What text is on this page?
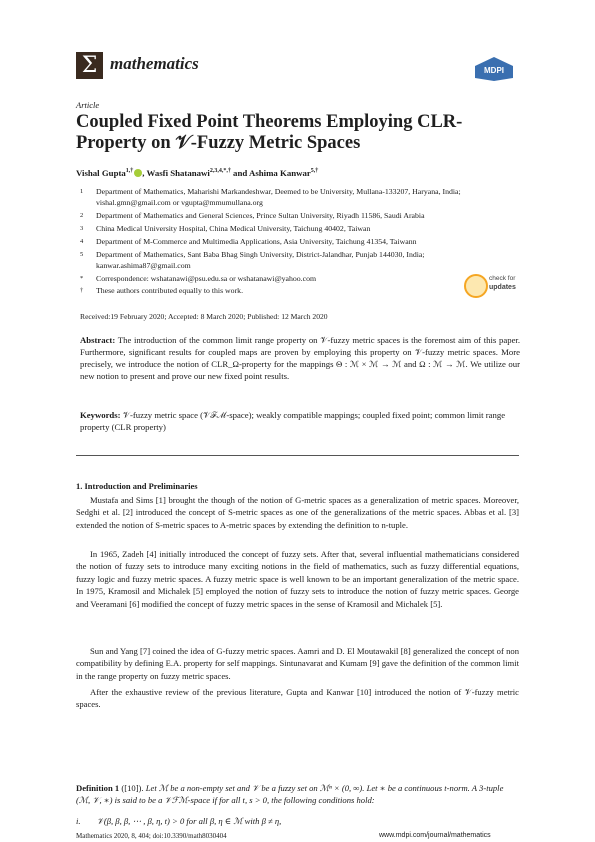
Σ mathematics	MDPI
Article
Coupled Fixed Point Theorems Employing CLR-Property on 𝒱-Fuzzy Metric Spaces
Vishal Gupta$^{1,\dagger}$ , Wasfi Shatanawi$^{2,3,4,*,\dagger}$ and Ashima Kanwar$^{5,\dagger}$
1 Department of Mathematics, Maharishi Markandeshwar, Deemed to be University, Mullana-133207, Haryana, India; vishal.gmn@gmail.com or vgupta@mmumullana.org
2 Department of Mathematics and General Sciences, Prince Sultan University, Riyadh 11586, Saudi Arabia
3 China Medical University Hospital, China Medical University, Taichung 40402, Taiwan
4 Department of M-Commerce and Multimedia Applications, Asia University, Taichung 41354, Taiwann
5 Department of Mathematics, Sant Baba Bhag Singh University, District-Jalandhar, Punjab 144030, India; kanwar.ashima87@gmail.com
* Correspondence: wshatanawi@psu.edu.sa or wshatanawi@yahoo.com
† These authors contributed equally to this work.
Received:19 February 2020; Accepted: 8 March 2020; Published: 12 March 2020
check for
updates
Abstract: The introduction of the common limit range property on 𝒱-fuzzy metric spaces is the foremost aim of this paper. Furthermore, significant results for coupled maps are proven by employing this property on 𝒱-fuzzy metric spaces. More precisely, we introduce the notion of CLR_Ω-property for the mappings Θ : ℳ × ℳ → ℳ and Ω : ℳ → ℳ. We utilize our new notion to present and prove our new fixed point results.
Keywords: 𝒱-fuzzy metric space (𝒱ℱℳ-space); weakly compatible mappings; coupled fixed point; common limit range property (CLR property)
1. Introduction and Preliminaries
Mustafa and Sims [1] brought the though of the notion of G-metric spaces as a generalization of metric spaces. Moreover, Sedghi et al. [2] introduced the concept of S-metric spaces as one of the generalizations of the metric spaces. Abbas et al. [3] extended the notion of S-metric spaces to A-metric spaces by extending the definition to n-tuple.
In 1965, Zadeh [4] initially introduced the concept of fuzzy sets. After that, several influential mathematicians considered the notion of fuzzy sets to introduce many exciting notions in the field of mathematics, such as fuzzy differential equations, fuzzy logic and fuzzy metric spaces. A fuzzy metric space is well known to be an important generalization of the metric space. In 1975, Kramosil and Michalek [5] employed the notion of fuzzy sets to introduce the notion of fuzzy metric spaces. George and Veeramani [6] modified the concept of fuzzy metric spaces in the sense of Kramosil and Michalek [5].
Sun and Yang [7] coined the idea of G-fuzzy metric spaces. Aamri and D. El Moutawakil [8] generalized the concept of non compatibility by defining E.A. property for self mappings. Sintunavarat and Kumam [9] gave the definition of the common limit in the range property on fuzzy metric spaces.
After the exhaustive review of the previous literature, Gupta and Kanwar [10] introduced the notion of 𝒱-fuzzy metric spaces.
Definition 1 ([10]). Let ℳ be a non-empty set and 𝒱 be a fuzzy set on ℳⁿ × (0, ∞). Let ∗ be a continuous t-norm. A 3-tuple (ℳ, 𝒱, ∗) is said to be a 𝒱ℱℳ-space if for all t, s > 0, the following conditions hold:
i. 𝒱(β, β, β, ⋯ , β, η, t) > 0 for all β, η ∈ ℳ with β ≠ η,
Mathematics 2020, 8, 404; doi:10.3390/math8030404	www.mdpi.com/journal/mathematics
